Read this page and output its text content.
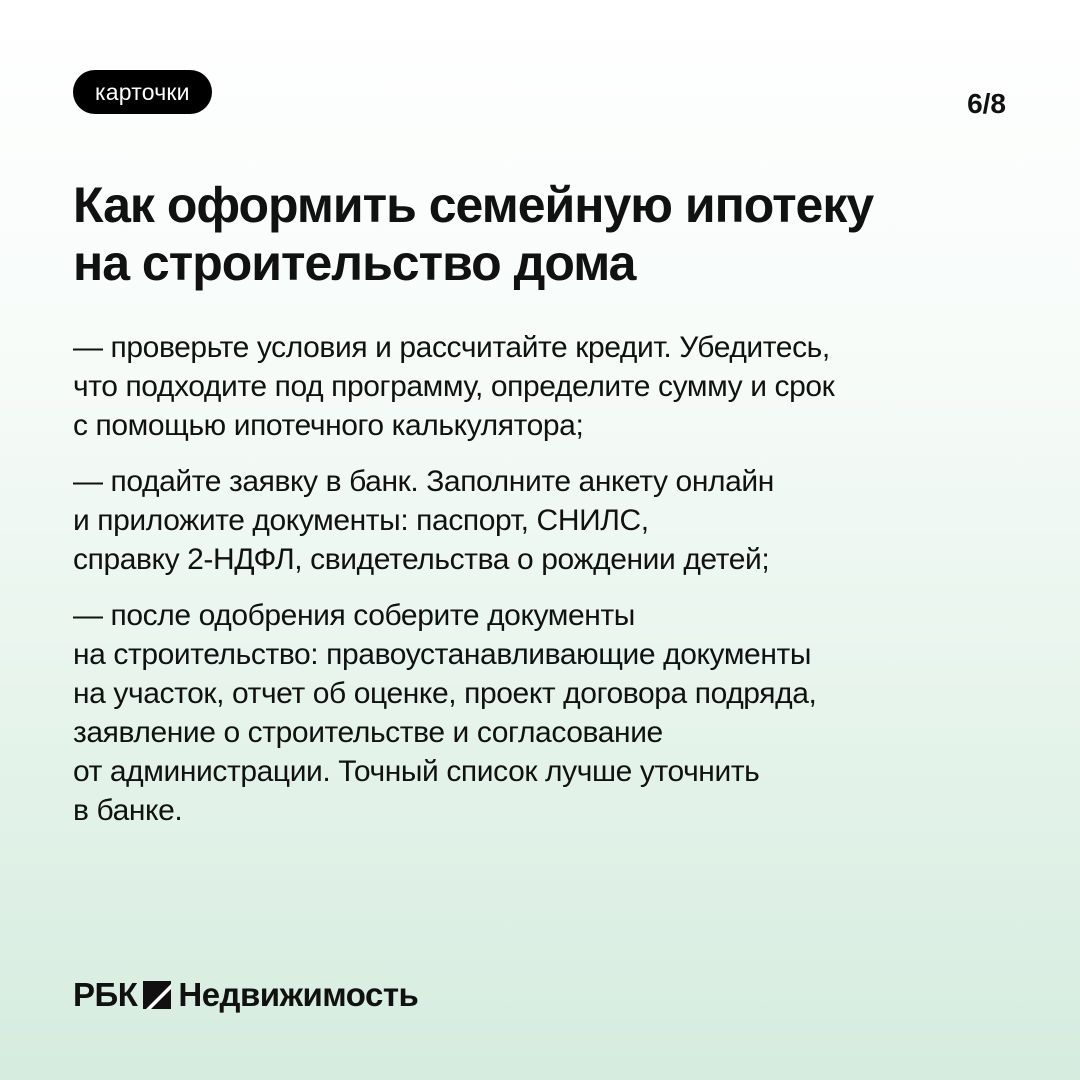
карточки	6/8
Как оформить семейную ипотеку
на строительство дома

— проверьте условия и рассчитайте кредит. Убедитесь,
что подходите под программу, определите сумму и срок
с помощью ипотечного калькулятора;

— подайте заявку в банк. Заполните анкету онлайн
и приложите документы: паспорт, СНИЛС,
справку 2-НДФЛ, свидетельства о рождении детей;

— после одобрения соберите документы
на строительство: правоустанавливающие документы
на участок, отчет об оценке, проект договора подряда,
заявление о строительстве и согласование
от администрации. Точный список лучше уточнить
в банке.

РБК Недвижимость
